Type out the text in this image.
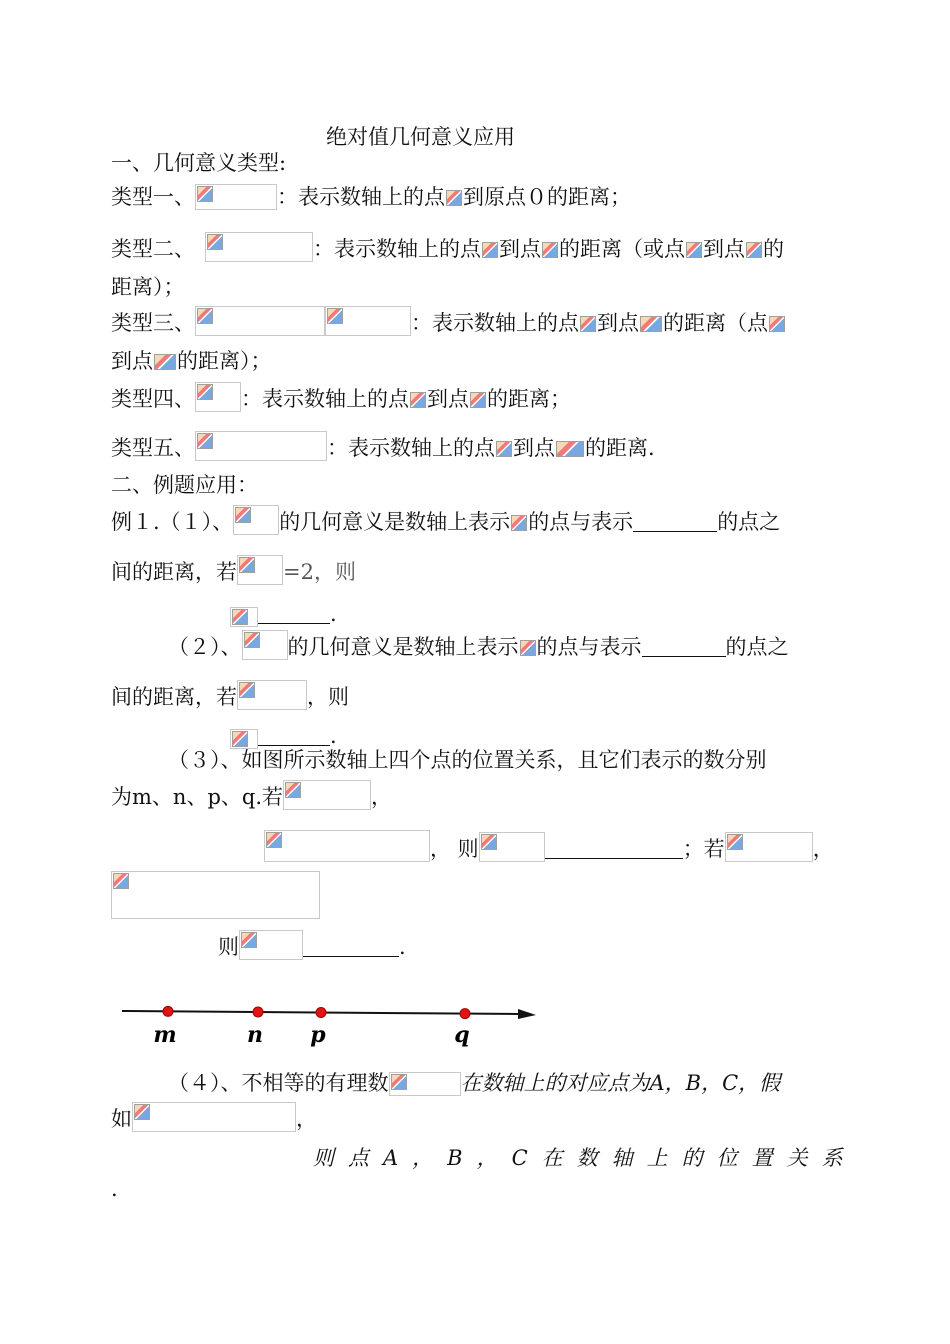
绝对值几何意义应用
一、几何意义类型:
类型一、	：表示数轴上的点 到原点０的距离；
类型二、	：表示数轴上的点 到点 的距离（或点 到点 的
距离）；
类型三、	：表示数轴上的点 到点 的距离（点
到点 的距离）；
类型四、 ：表示数轴上的点 到点 的距离；
类型五、	：表示数轴上的点 到点 的距离.
二、例题应用：
例１.（１）、 的几何意义是数轴上表示 的点与表示	的点之
间的距离，若 =2，则
.
（２）、 的几何意义是数轴上表示 的点与表示	的点之
间的距离，若	，则
.
（３）、如图所示数轴上四个点的位置关系，且它们表示的数分别
为m、n、p、q.若	，
， 则	；若	，
则	.
m	n p	q
（４）、不相等的有理数	在数轴上的对应点为A，B，C，假
如	，
则点A，B，C在数轴上的位置关系
.
